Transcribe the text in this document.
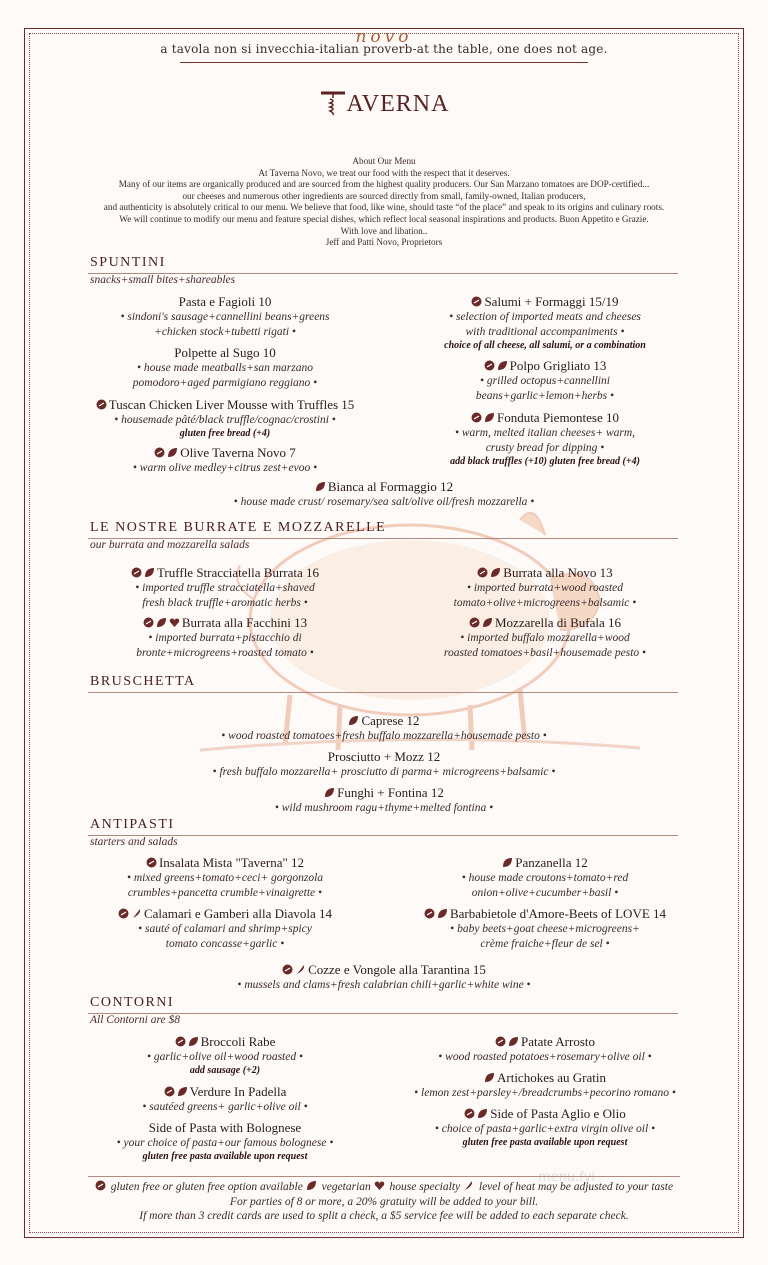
a tavola non si invecchia-italian proverb-at the table, one does not age.
AVERNA
novo
About Our Menu
At Taverna Novo, we treat our food with the respect that it deserves.
Many of our items are organically produced and are sourced from the highest quality producers. Our San Marzano tomatoes are DOP-certified...
our cheeses and numerous other ingredients are sourced directly from small, family-owned, Italian producers,
and authenticity is absolutely critical to our menu. We believe that food, like wine, should taste “of the place” and speak to its origins and culinary roots.
We will continue to modify our menu and feature special dishes, which reflect local seasonal inspirations and products. Buon Appetito e Grazie.
With love and libation..
Jeff and Patti Novo, Proprietors
SPUNTINI
snacks+small bites+shareables
Pasta e Fagioli 10
• sindoni's sausage+cannellini beans+greens
+chicken stock+tubetti rigati •
Polpette al Sugo 10
• house made meatballs+san marzano
pomodoro+aged parmigiano reggiano •
Tuscan Chicken Liver Mousse with Truffles 15
• housemade pâté/black truffle/cognac/crostini •
gluten free bread (+4)
Olive Taverna Novo 7
• warm olive medley+citrus zest+evoo •
Salumi + Formaggi 15/19
• selection of imported meats and cheeses
with traditional accompaniments •
choice of all cheese, all salumi, or a combination
Polpo Grigliato 13
• grilled octopus+cannellini
beans+garlic+lemon+herbs •
Fonduta Piemontese 10
• warm, melted italian cheeses+ warm,
crusty bread for dipping •
add black truffles (+10) gluten free bread (+4)
Bianca al Formaggio 12
• house made crust/ rosemary/sea salt/olive oil/fresh mozzarella •
LE NOSTRE BURRATE E MOZZARELLE
our burrata and mozzarella salads
Truffle Stracciatella Burrata 16
• imported truffle stracciatella+shaved
fresh black truffle+aromatic herbs •
Burrata alla Facchini 13
• imported burrata+pistacchio di
bronte+microgreens+roasted tomato •
Burrata alla Novo 13
• imported burrata+wood roasted
tomato+olive+microgreens+balsamic •
Mozzarella di Bufala 16
• imported buffalo mozzarella+wood
roasted tomatoes+basil+housemade pesto •
BRUSCHETTA
Caprese 12
• wood roasted tomatoes+fresh buffalo mozzarella+housemade pesto •
Prosciutto + Mozz 12
• fresh buffalo mozzarella+ prosciutto di parma+ microgreens+balsamic •
Funghi + Fontina 12
• wild mushroom ragu+thyme+melted fontina •
ANTIPASTI
starters and salads
Insalata Mista "Taverna" 12
• mixed greens+tomato+ceci+ gorgonzola
crumbles+pancetta crumble+vinaigrette •
Calamari e Gamberi alla Diavola 14
• sauté of calamari and shrimp+spicy
tomato concasse+garlic •
Panzanella 12
• house made croutons+tomato+red
onion+olive+cucumber+basil •
Barbabietole d'Amore-Beets of LOVE 14
• baby beets+goat cheese+microgreens+
crème fraiche+fleur de sel •
Cozze e Vongole alla Tarantina 15
• mussels and clams+fresh calabrian chili+garlic+white wine •
CONTORNI
All Contorni are $8
Broccoli Rabe
• garlic+olive oil+wood roasted •
add sausage (+2)
Verdure In Padella
• sautéed greens+ garlic+olive oil •
Side of Pasta with Bolognese
• your choice of pasta+our famous bolognese •
gluten free pasta available upon request
Patate Arrosto
• wood roasted potatoes+rosemary+olive oil •
Artichokes au Gratin
• lemon zest+parsley+/breadcrumbs+pecorino romano •
Side of Pasta Aglio e Olio
• choice of pasta+garlic+extra virgin olive oil •
gluten free pasta available upon request
menu.fyi
gluten free or gluten free option available vegetarian house specialty level of heat may be adjusted to your taste
For parties of 8 or more, a 20% gratuity will be added to your bill.
If more than 3 credit cards are used to split a check, a $5 service fee will be added to each separate check.
